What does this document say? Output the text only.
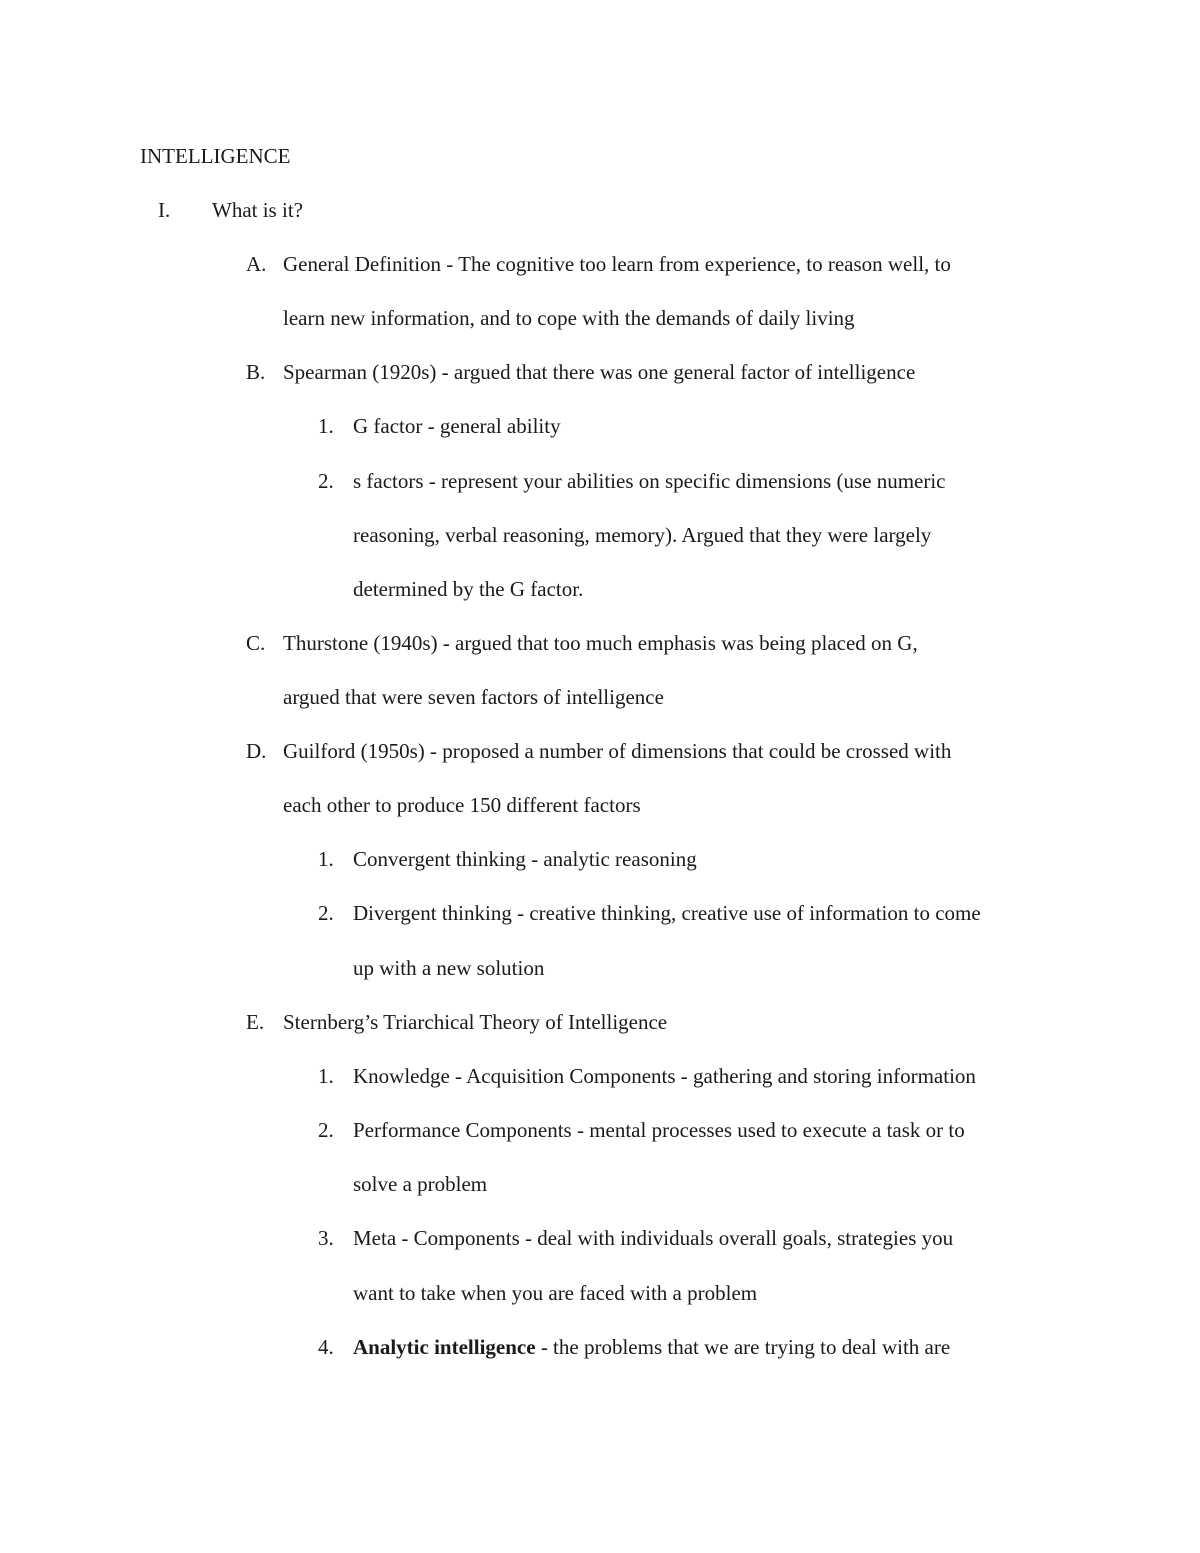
INTELLIGENCE
I. What is it?
A. General Definition - The cognitive too learn from experience, to reason well, to
learn new information, and to cope with the demands of daily living
B. Spearman (1920s) - argued that there was one general factor of intelligence
1. G factor - general ability
2. s factors - represent your abilities on specific dimensions (use numeric
reasoning, verbal reasoning, memory). Argued that they were largely
determined by the G factor.
C. Thurstone (1940s) - argued that too much emphasis was being placed on G,
argued that were seven factors of intelligence
D. Guilford (1950s) - proposed a number of dimensions that could be crossed with
each other to produce 150 different factors
1. Convergent thinking - analytic reasoning
2. Divergent thinking - creative thinking, creative use of information to come
up with a new solution
E. Sternberg’s Triarchical Theory of Intelligence
1. Knowledge - Acquisition Components - gathering and storing information
2. Performance Components - mental processes used to execute a task or to
solve a problem
3. Meta - Components - deal with individuals overall goals, strategies you
want to take when you are faced with a problem
4. Analytic intelligence - the problems that we are trying to deal with are
